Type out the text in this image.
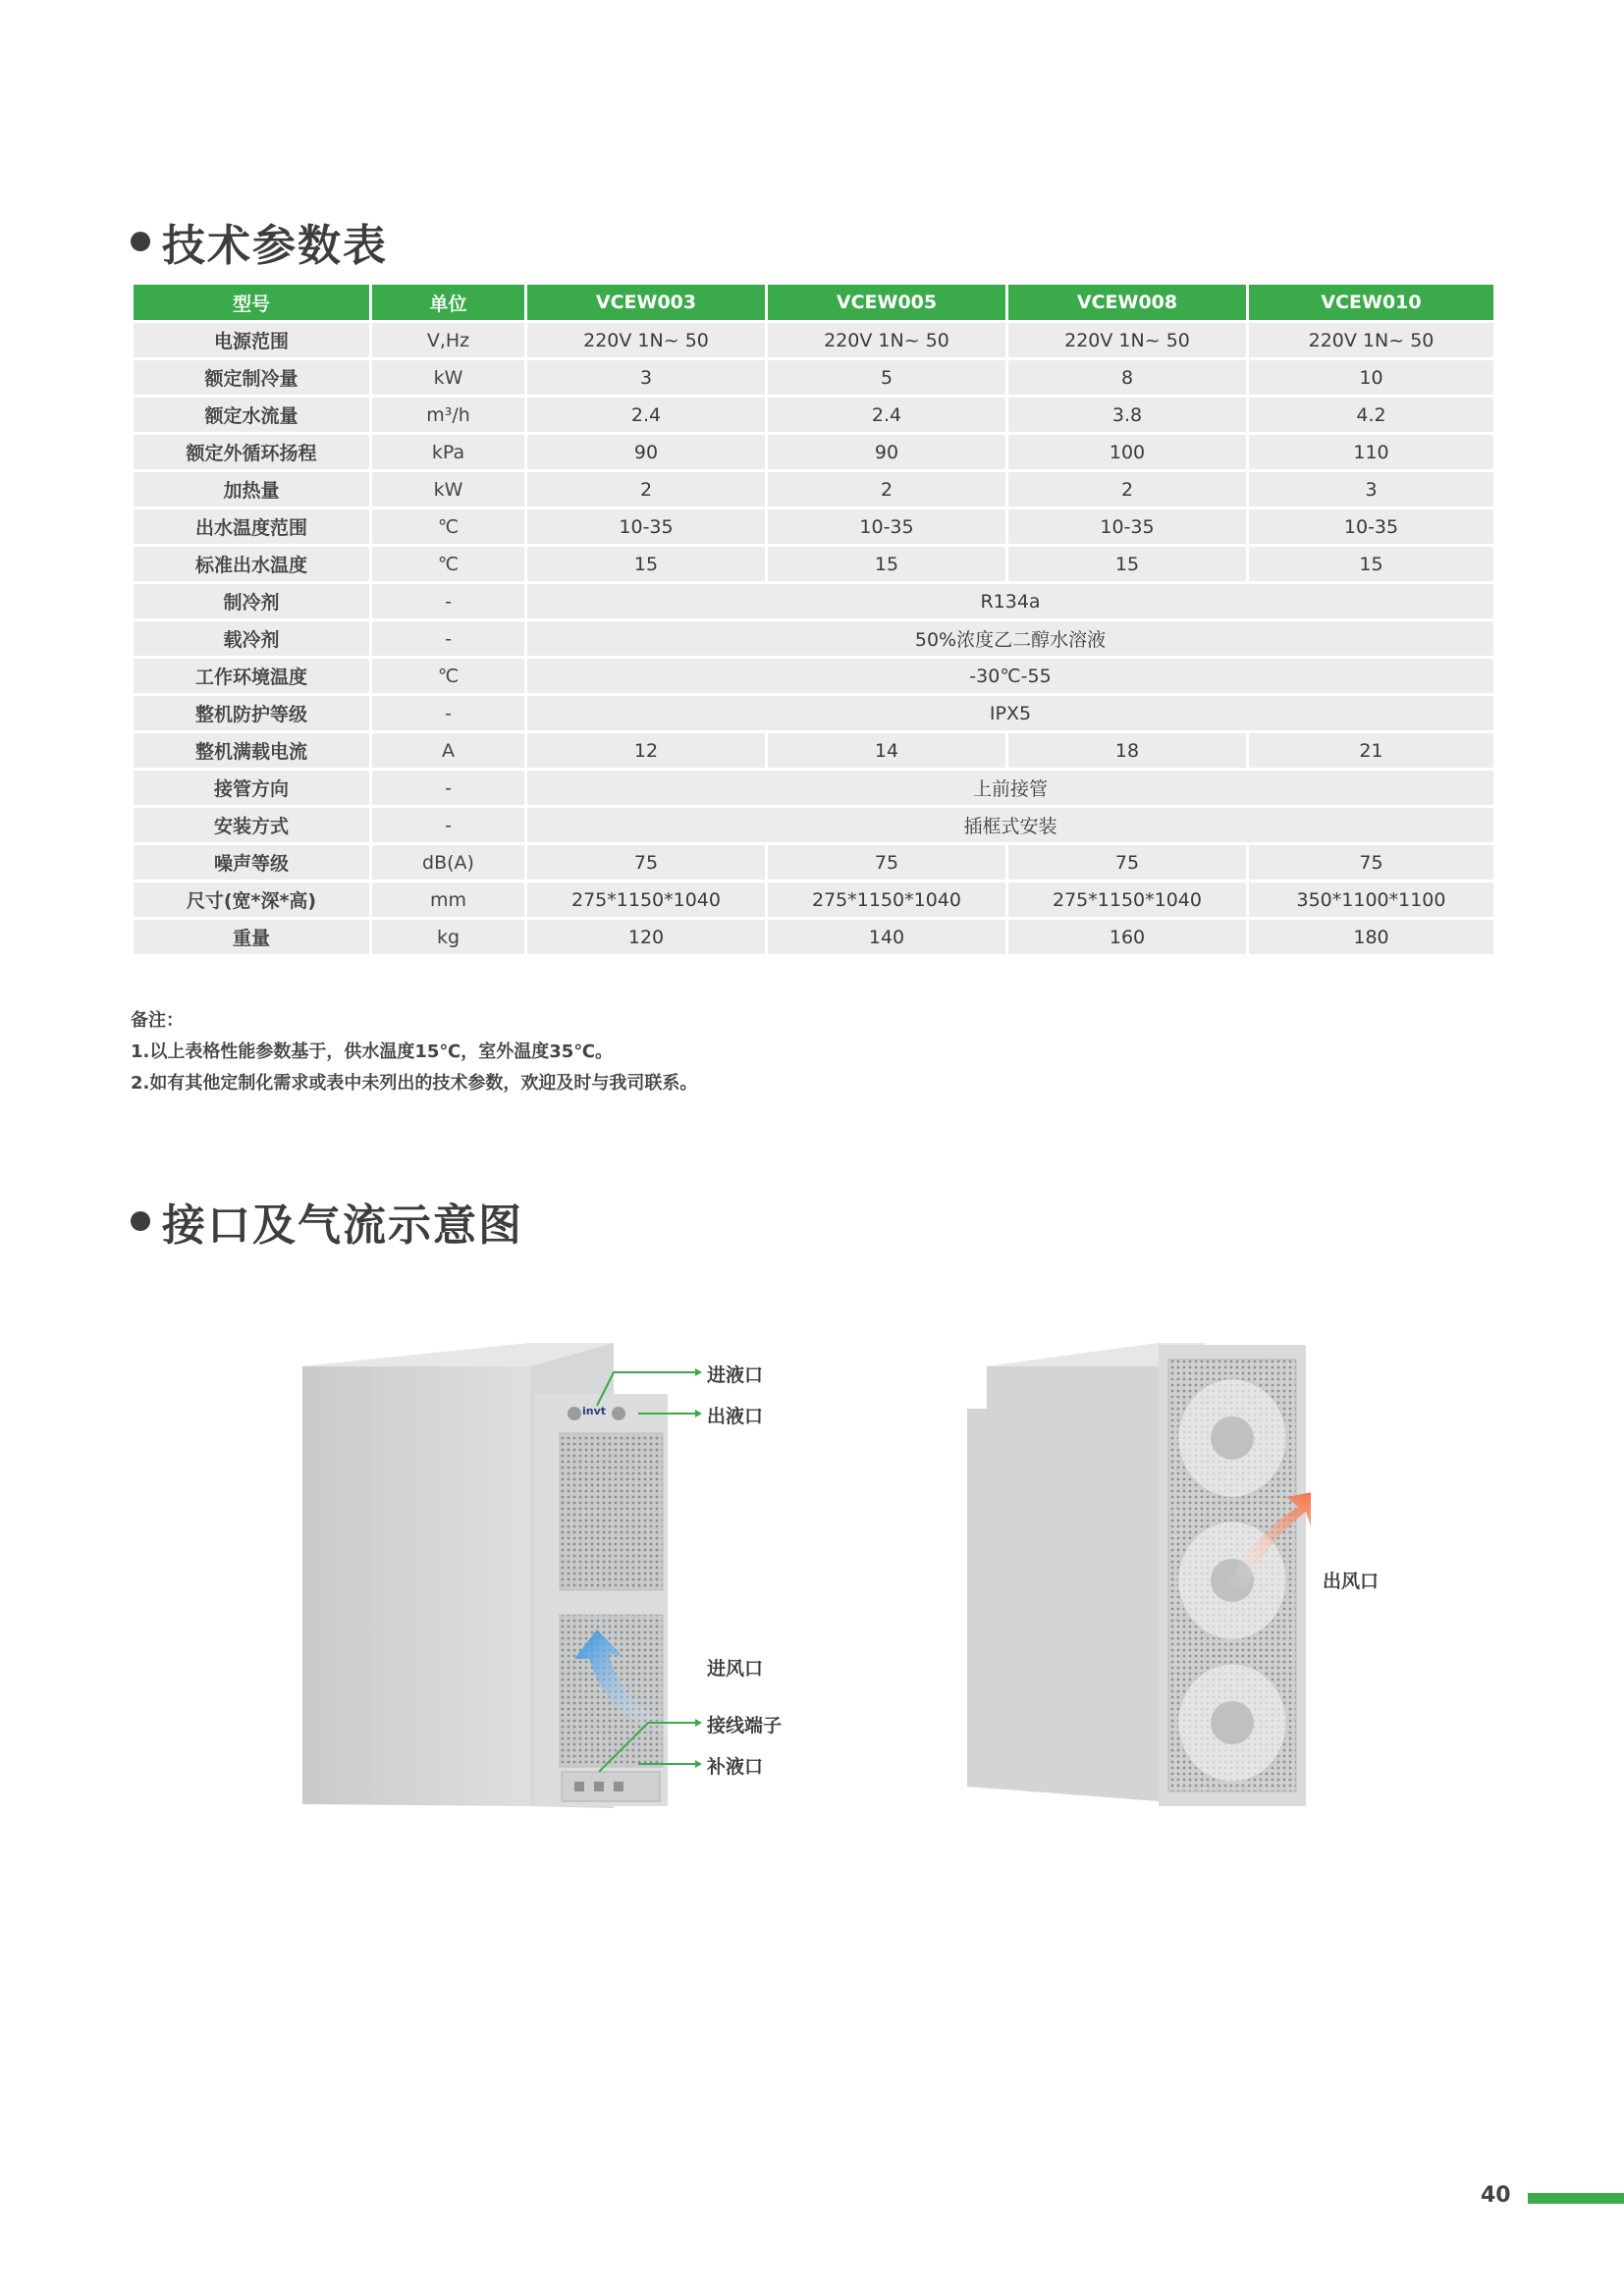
技术参数表
型号	单位	VCEW003	VCEW005	VCEW008	VCEW010
电源范围	V,Hz	220V 1N~ 50	220V 1N~ 50	220V 1N~ 50	220V 1N~ 50
额定制冷量	kW	3	5	8	10
额定水流量	m³/h	2.4	2.4	3.8	4.2
额定外循环扬程	kPa	90	90	100	110
加热量	kW	2	2	2	3
出水温度范围	℃	10-35	10-35	10-35	10-35
标准出水温度	℃	15	15	15	15
制冷剂	-	R134a			
载冷剂	-	50%浓度乙二醇水溶液			
工作环境温度	℃	-30℃-55			
整机防护等级	-	IPX5			
整机满载电流	A	12	14	18	21
接管方向	-	上前接管			
安装方式	-	插框式安装			
噪声等级	dB(A)	75	75	75	75
尺寸(宽*深*高)	mm	275*1150*1040	275*1150*1040	275*1150*1040	350*1100*1100
重量	kg	120	140	160	180
备注：
1.以上表格性能参数基于，供水温度15℃，室外温度35℃。
2.如有其他定制化需求或表中未列出的技术参数，欢迎及时与我司联系。
接口及气流示意图
invt
进液口
出液口
进风口
接线端子
补液口
出风口
40
